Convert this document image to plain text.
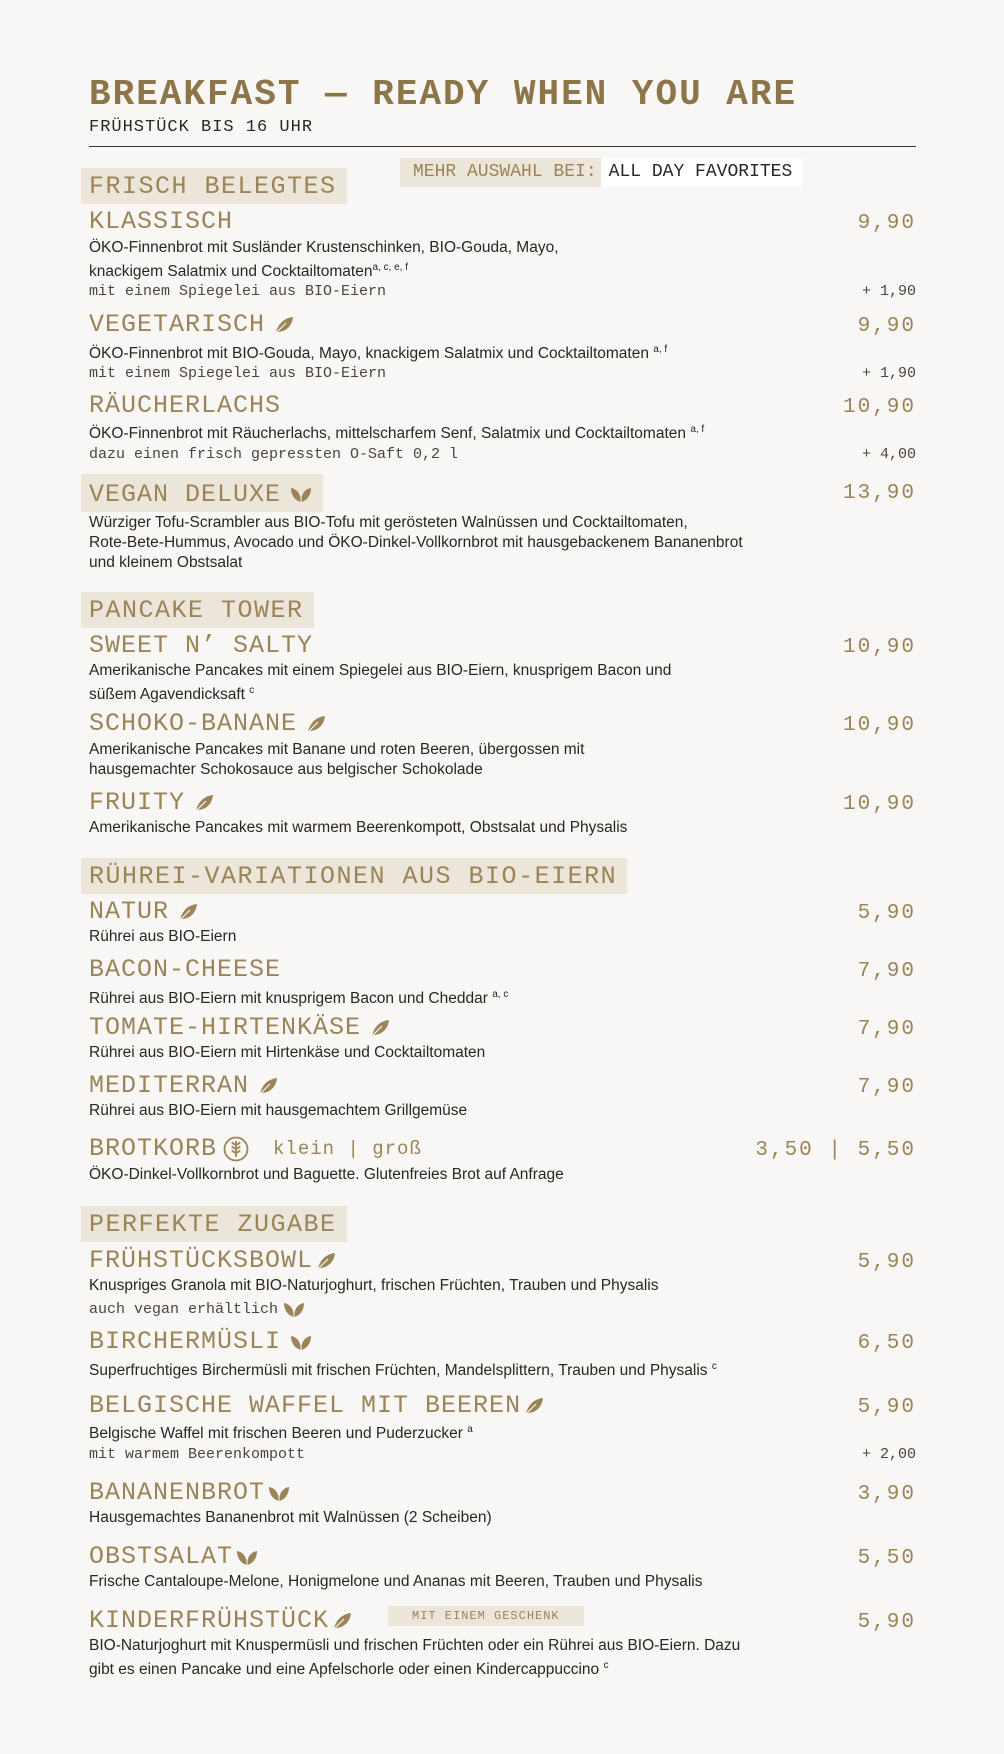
BREAKFAST — READY WHEN YOU ARE
FRÜHSTÜCK BIS 16 UHR
FRISCH BELEGTES	MEHR AUSWAHL BEI: ALL DAY FAVORITES
KLASSISCH	9,90
ÖKO-Finnenbrot mit Susländer Krustenschinken, BIO-Gouda, Mayo,
knackigem Salatmix und Cocktailtomaten$^{a, c, e, f}$
mit einem Spiegelei aus BIO-Eiern	+ 1,90
VEGETARISCH	9,90
ÖKO-Finnenbrot mit BIO-Gouda, Mayo, knackigem Salatmix und Cocktailtomaten $^{a, f}$
mit einem Spiegelei aus BIO-Eiern	+ 1,90
RÄUCHERLACHS	10,90
ÖKO-Finnenbrot mit Räucherlachs, mittelscharfem Senf, Salatmix und Cocktailtomaten $^{a, f}$
dazu einen frisch gepressten O-Saft 0,2 l	+ 4,00
VEGAN DELUXE	13,90
Würziger Tofu-Scrambler aus BIO-Tofu mit gerösteten Walnüssen und Cocktailtomaten,
Rote-Bete-Hummus, Avocado und ÖKO-Dinkel-Vollkornbrot mit hausgebackenem Bananenbrot
und kleinem Obstsalat
PANCAKE TOWER
SWEET N’ SALTY	10,90
Amerikanische Pancakes mit einem Spiegelei aus BIO-Eiern, knusprigem Bacon und
süßem Agavendicksaft $^c$
SCHOKO-BANANE	10,90
Amerikanische Pancakes mit Banane und roten Beeren, übergossen mit
hausgemachter Schokosauce aus belgischer Schokolade
FRUITY	10,90
Amerikanische Pancakes mit warmem Beerenkompott, Obstsalat und Physalis
RÜHREI-VARIATIONEN AUS BIO-EIERN
NATUR	5,90
Rührei aus BIO-Eiern
BACON-CHEESE	7,90
Rührei aus BIO-Eiern mit knusprigem Bacon und Cheddar $^{a, c}$
TOMATE-HIRTENKÄSE	7,90
Rührei aus BIO-Eiern mit Hirtenkäse und Cocktailtomaten
MEDITERRAN	7,90
Rührei aus BIO-Eiern mit hausgemachtem Grillgemüse
BROTKORB	klein | groß	3,50 | 5,50
ÖKO-Dinkel-Vollkornbrot und Baguette. Glutenfreies Brot auf Anfrage
PERFEKTE ZUGABE
FRÜHSTÜCKSBOWL	5,90
Knuspriges Granola mit BIO-Naturjoghurt, frischen Früchten, Trauben und Physalis
auch vegan erhältlich
BIRCHERMÜSLI	6,50
Superfruchtiges Birchermüsli mit frischen Früchten, Mandelsplittern, Trauben und Physalis $^c$
BELGISCHE WAFFEL MIT BEEREN	5,90
Belgische Waffel mit frischen Beeren und Puderzucker $^a$
mit warmem Beerenkompott	+ 2,00
BANANENBROT	3,90
Hausgemachtes Bananenbrot mit Walnüssen (2 Scheiben)
OBSTSALAT	5,50
Frische Cantaloupe-Melone, Honigmelone und Ananas mit Beeren, Trauben und Physalis
KINDERFRÜHSTÜCK	MIT EINEM GESCHENK	5,90
BIO-Naturjoghurt mit Knuspermüsli und frischen Früchten oder ein Rührei aus BIO-Eiern. Dazu
gibt es einen Pancake und eine Apfelschorle oder einen Kindercappuccino $^c$
